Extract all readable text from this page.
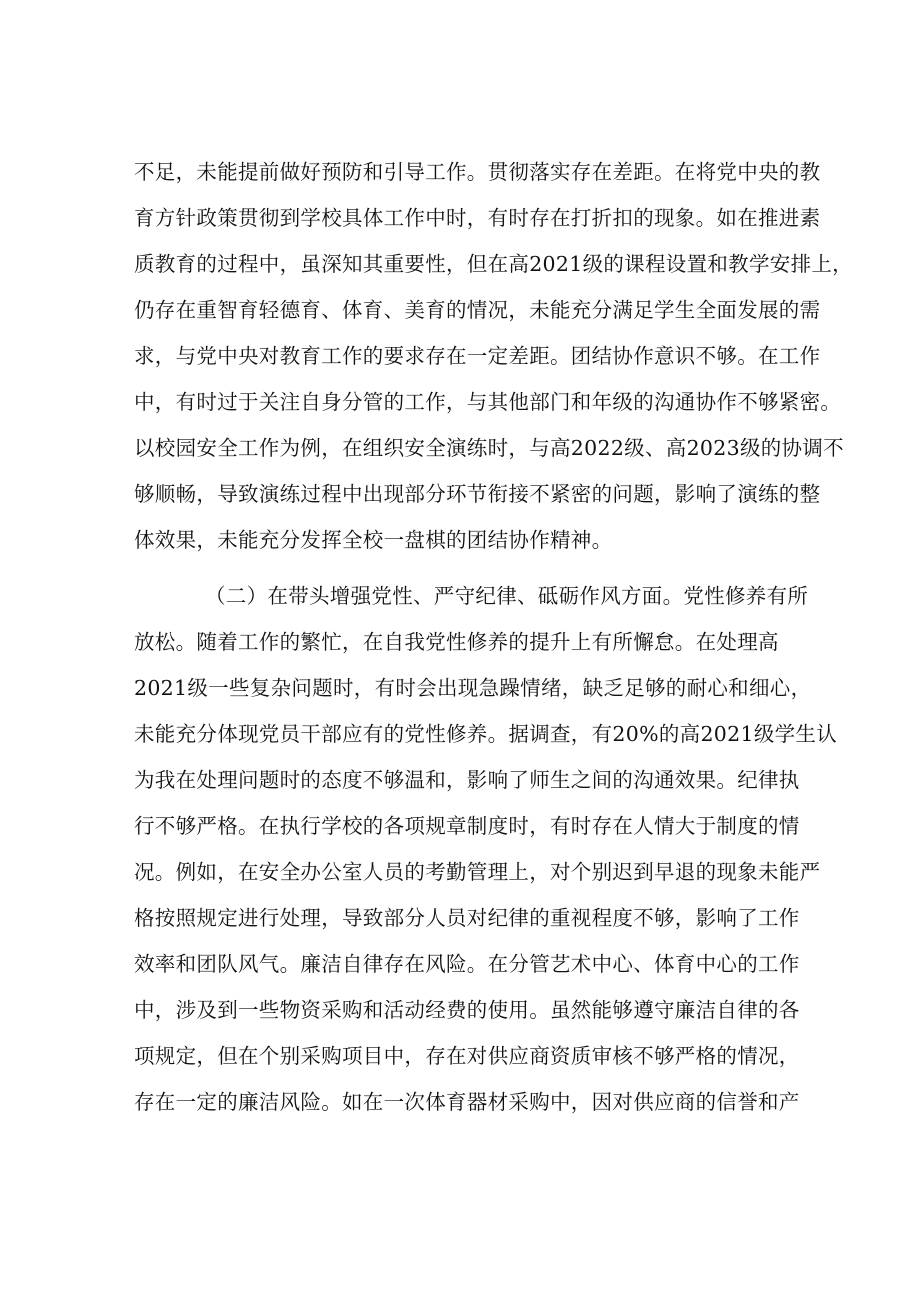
不足，未能提前做好预防和引导工作。贯彻落实存在差距。在将党中央的教
育方针政策贯彻到学校具体工作中时，有时存在打折扣的现象。如在推进素
质教育的过程中，虽深知其重要性，但在高2021级的课程设置和教学安排上，
仍存在重智育轻德育、体育、美育的情况，未能充分满足学生全面发展的需
求，与党中央对教育工作的要求存在一定差距。团结协作意识不够。在工作
中，有时过于关注自身分管的工作，与其他部门和年级的沟通协作不够紧密。
以校园安全工作为例，在组织安全演练时，与高2022级、高2023级的协调不
够顺畅，导致演练过程中出现部分环节衔接不紧密的问题，影响了演练的整
体效果，未能充分发挥全校一盘棋的团结协作精神。
（二）在带头增强党性、严守纪律、砥砺作风方面。党性修养有所
放松。随着工作的繁忙，在自我党性修养的提升上有所懈怠。在处理高
2021级一些复杂问题时，有时会出现急躁情绪，缺乏足够的耐心和细心，
未能充分体现党员干部应有的党性修养。据调查，有20%的高2021级学生认
为我在处理问题时的态度不够温和，影响了师生之间的沟通效果。纪律执
行不够严格。在执行学校的各项规章制度时，有时存在人情大于制度的情
况。例如，在安全办公室人员的考勤管理上，对个别迟到早退的现象未能严
格按照规定进行处理，导致部分人员对纪律的重视程度不够，影响了工作
效率和团队风气。廉洁自律存在风险。在分管艺术中心、体育中心的工作
中，涉及到一些物资采购和活动经费的使用。虽然能够遵守廉洁自律的各
项规定，但在个别采购项目中，存在对供应商资质审核不够严格的情况，
存在一定的廉洁风险。如在一次体育器材采购中，因对供应商的信誉和产
